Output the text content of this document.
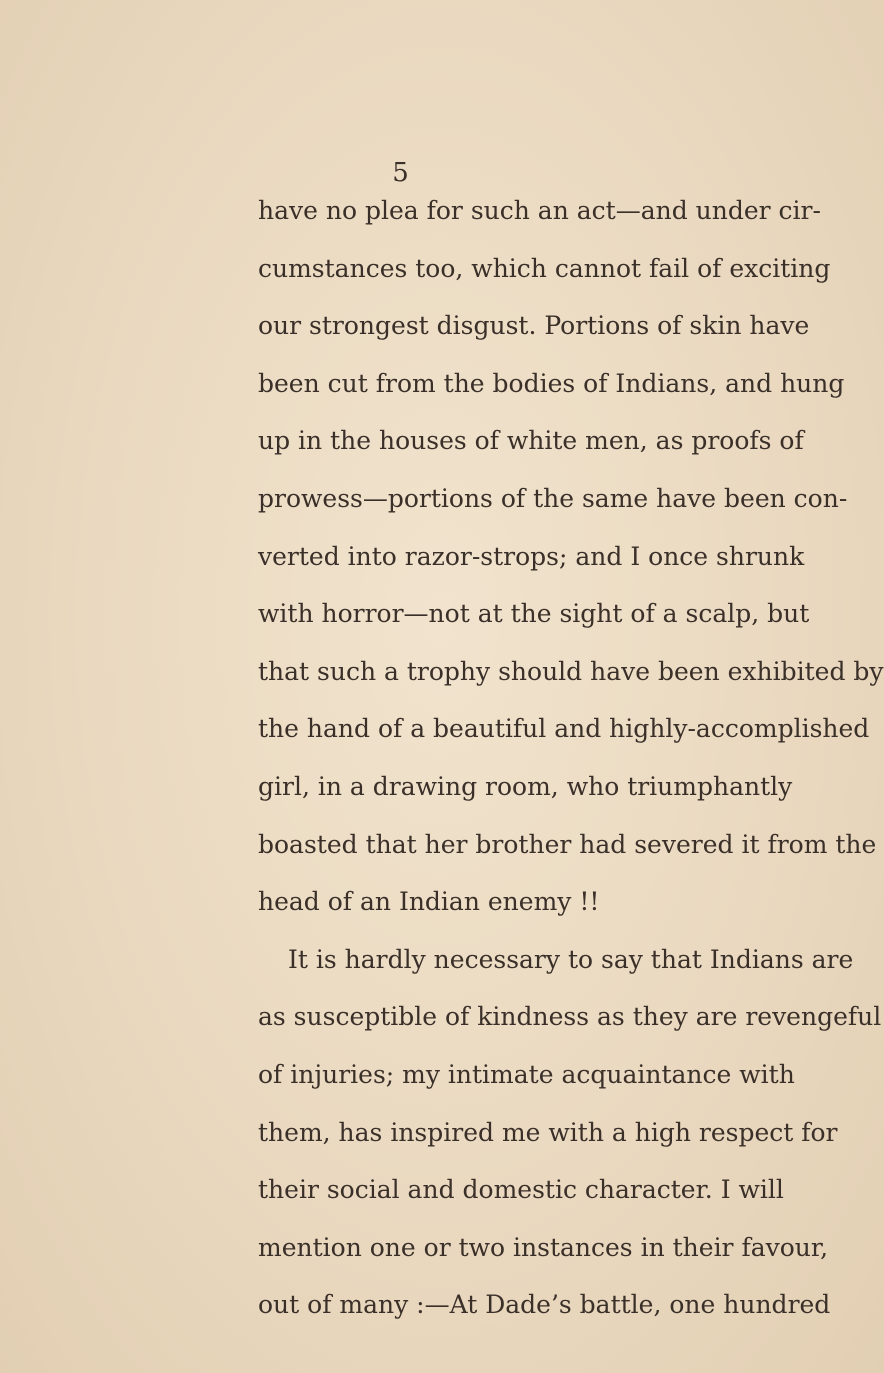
5
have no plea for such an act—and under cir-
cumstances too, which cannot fail of exciting
our strongest disgust. Portions of skin have
been cut from the bodies of Indians, and hung
up in the houses of white men, as proofs of
prowess—portions of the same have been con-
verted into razor-strops; and I once shrunk
with horror—not at the sight of a scalp, but
that such a trophy should have been exhibited by
the hand of a beautiful and highly-accomplished
girl, in a drawing room, who triumphantly
boasted that her brother had severed it from the
head of an Indian enemy !!
It is hardly necessary to say that Indians are
as susceptible of kindness as they are revengeful
of injuries; my intimate acquaintance with
them, has inspired me with a high respect for
their social and domestic character. I will
mention one or two instances in their favour,
out of many :—At Dade’s battle, one hundred
